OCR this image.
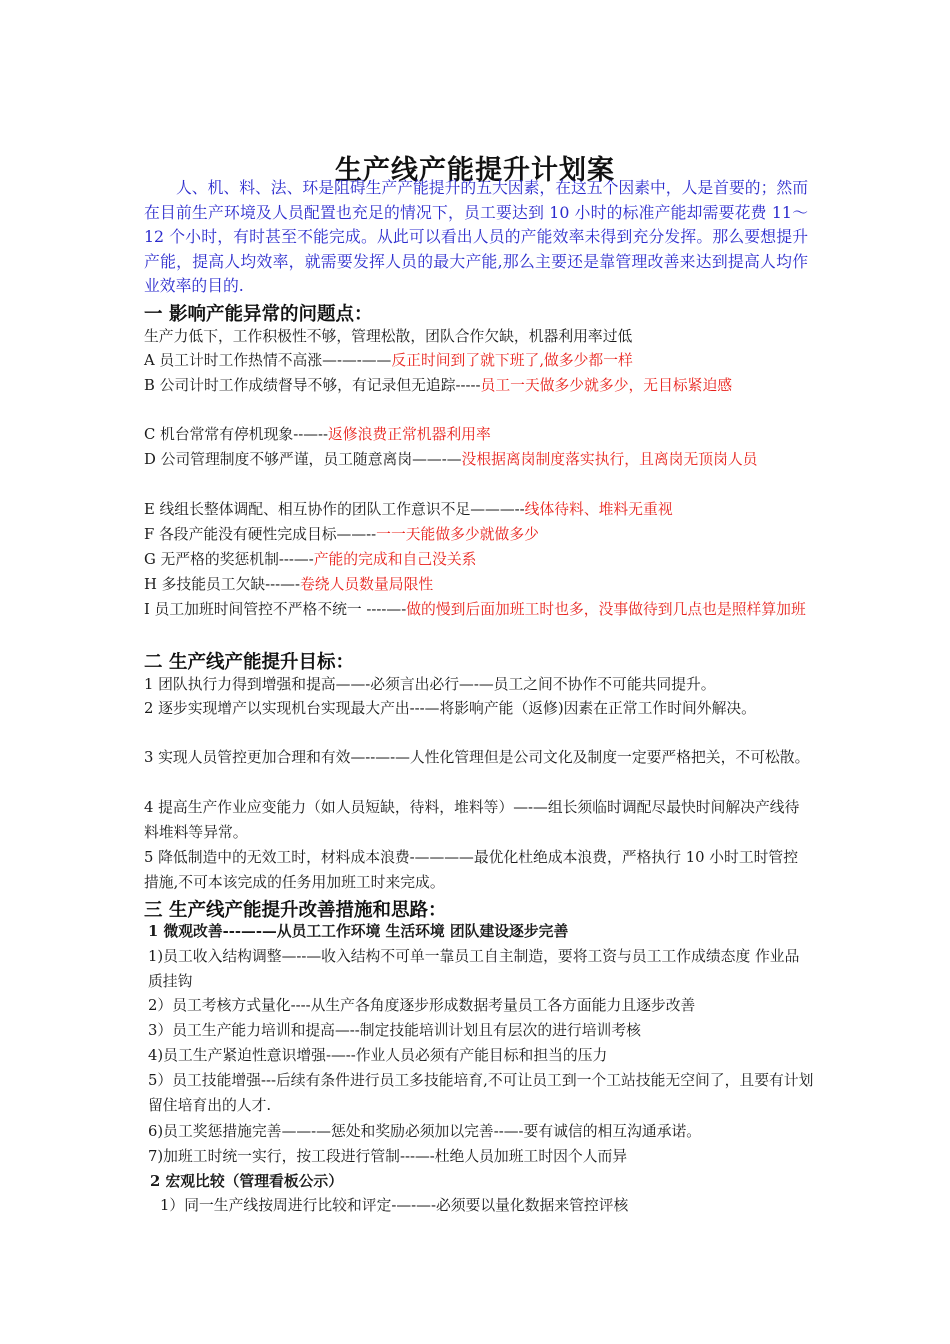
生产线产能提升计划案

人、机、料、法、环是阻碍生产产能提升的五大因素，在这五个因素中，人是首要的；然而在目前生产环境及人员配置也充足的情况下，员工要达到 10 小时的标准产能却需要花费 11～12 个小时，有时甚至不能完成。从此可以看出人员的产能效率未得到充分发挥。那么要想提升产能，提高人均效率，就需要发挥人员的最大产能,那么主要还是靠管理改善来达到提高人均作业效率的目的.

一 影响产能异常的问题点：

生产力低下，工作积极性不够，管理松散，团队合作欠缺，机器利用率过低

A 员工计时工作热情不高涨—-—-——反正时间到了就下班了,做多少都一样

B 公司计时工作成绩督导不够，有记录但无追踪-----员工一天做多少就多少，无目标紧迫感

C 机台常常有停机现象--—--返修浪费正常机器利用率

D 公司管理制度不够严谨，员工随意离岗——-—没根据离岗制度落实执行，且离岗无顶岗人员

E 线组长整体调配、相互协作的团队工作意识不足———--线体待料、堆料无重视

F 各段产能没有硬性完成目标——--一一天能做多少就做多少

G 无严格的奖惩机制---—-产能的完成和自己没关系

H 多技能员工欠缺---—-卷绕人员数量局限性

I 员工加班时间管控不严格不统一 ----—-做的慢到后面加班工时也多，没事做待到几点也是照样算加班

二 生产线产能提升目标：

1 团队执行力得到增强和提高——-必须言出必行—-—员工之间不协作不可能共同提升。

2 逐步实现增产以实现机台实现最大产出---—将影响产能（返修)因素在正常工作时间外解决。

3 实现人员管控更加合理和有效—--—-—人性化管理但是公司文化及制度一定要严格把关，不可松散。

4 提高生产作业应变能力（如人员短缺，待料，堆料等）—-—组长须临时调配尽最快时间解决产线待料堆料等异常。

5 降低制造中的无效工时，材料成本浪费-————最优化杜绝成本浪费，严格执行 10 小时工时管控措施,不可本该完成的任务用加班工时来完成。

三 生产线产能提升改善措施和思路：

1 微观改善---—-—从员工工作环境 生活环境 团队建设逐步完善

1)员工收入结构调整—--—收入结构不可单一靠员工自主制造，要将工资与员工工作成绩态度 作业品质挂钩

2）员工考核方式量化----从生产各角度逐步形成数据考量员工各方面能力且逐步改善

3）员工生产能力培训和提高—--制定技能培训计划且有层次的进行培训考核

4)员工生产紧迫性意识增强-—--作业人员必须有产能目标和担当的压力

5）员工技能增强---后续有条件进行员工多技能培育,不可让员工到一个工站技能无空间了，且要有计划留住培育出的人才.

6)员工奖惩措施完善——-—惩处和奖励必须加以完善--—-要有诚信的相互沟通承诺。

7)加班工时统一实行，按工段进行管制---—-杜绝人员加班工时因个人而异

2 宏观比较（管理看板公示）

1）同一生产线按周进行比较和评定-—-—-必须要以量化数据来管控评核
